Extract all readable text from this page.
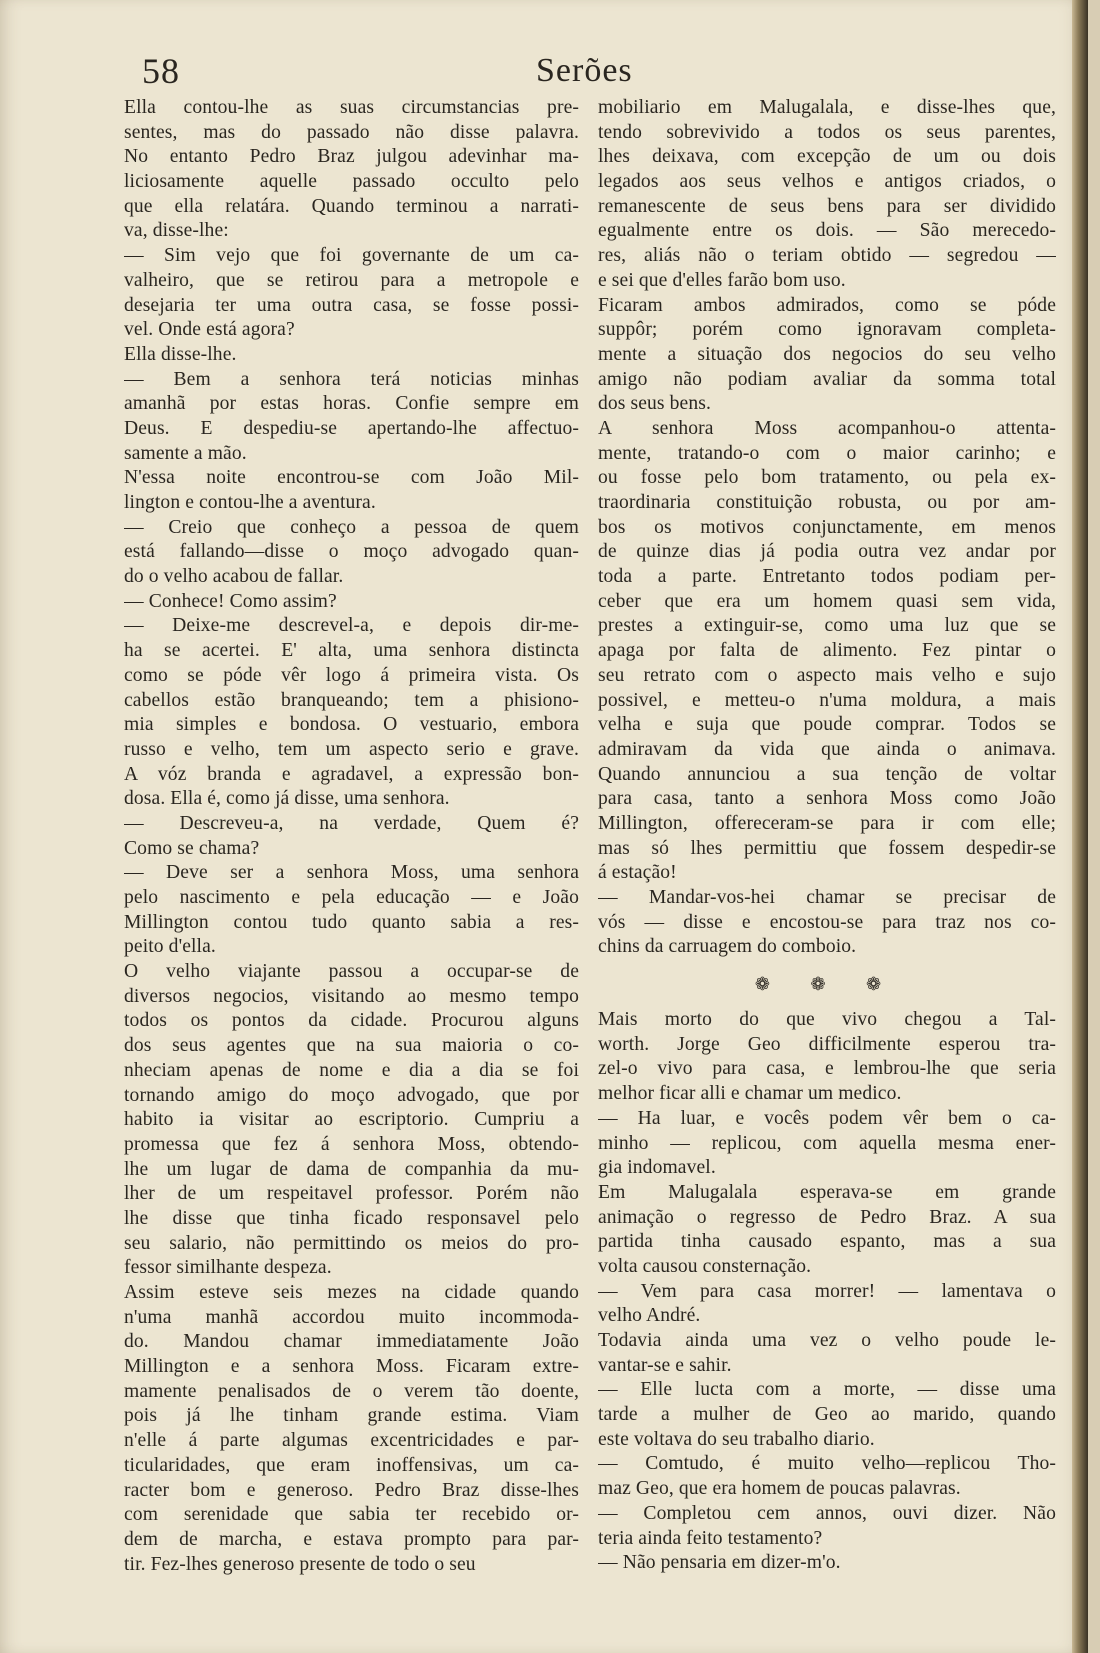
58	Serões
Ella contou-lhe as suas circumstancias pre-
sentes, mas do passado não disse palavra.
No entanto Pedro Braz julgou adevinhar ma-
liciosamente aquelle passado occulto pelo
que ella relatára. Quando terminou a narrati-
va, disse-lhe:
— Sim vejo que foi governante de um ca-
valheiro, que se retirou para a metropole e
desejaria ter uma outra casa, se fosse possi-
vel. Onde está agora?
Ella disse-lhe.
— Bem a senhora terá noticias minhas
amanhã por estas horas. Confie sempre em
Deus. E despediu-se apertando-lhe affectuo-
samente a mão.
N'essa noite encontrou-se com João Mil-
lington e contou-lhe a aventura.
— Creio que conheço a pessoa de quem
está fallando—disse o moço advogado quan-
do o velho acabou de fallar.
— Conhece! Como assim?
— Deixe-me descrevel-a, e depois dir-me-
ha se acertei. E' alta, uma senhora distincta
como se póde vêr logo á primeira vista. Os
cabellos estão branqueando; tem a phisiono-
mia simples e bondosa. O vestuario, embora
russo e velho, tem um aspecto serio e grave.
A vóz branda e agradavel, a expressão bon-
dosa. Ella é, como já disse, uma senhora.
— Descreveu-a, na verdade, Quem é?
Como se chama?
— Deve ser a senhora Moss, uma senhora
pelo nascimento e pela educação — e João
Millington contou tudo quanto sabia a res-
peito d'ella.
O velho viajante passou a occupar-se de
diversos negocios, visitando ao mesmo tempo
todos os pontos da cidade. Procurou alguns
dos seus agentes que na sua maioria o co-
nheciam apenas de nome e dia a dia se foi
tornando amigo do moço advogado, que por
habito ia visitar ao escriptorio. Cumpriu a
promessa que fez á senhora Moss, obtendo-
lhe um lugar de dama de companhia da mu-
lher de um respeitavel professor. Porém não
lhe disse que tinha ficado responsavel pelo
seu salario, não permittindo os meios do pro-
fessor similhante despeza.
Assim esteve seis mezes na cidade quando
n'uma manhã accordou muito incommoda-
do. Mandou chamar immediatamente João
Millington e a senhora Moss. Ficaram extre-
mamente penalisados de o verem tão doente,
pois já lhe tinham grande estima. Viam
n'elle á parte algumas excentricidades e par-
ticularidades, que eram inoffensivas, um ca-
racter bom e generoso. Pedro Braz disse-lhes
com serenidade que sabia ter recebido or-
dem de marcha, e estava prompto para par-
tir. Fez-lhes generoso presente de todo o seu
mobiliario em Malugalala, e disse-lhes que,
tendo sobrevivido a todos os seus parentes,
lhes deixava, com excepção de um ou dois
legados aos seus velhos e antigos criados, o
remanescente de seus bens para ser dividido
egualmente entre os dois. — São merecedo-
res, aliás não o teriam obtido — segredou —
e sei que d'elles farão bom uso.
Ficaram ambos admirados, como se póde
suppôr; porém como ignoravam completa-
mente a situação dos negocios do seu velho
amigo não podiam avaliar da somma total
dos seus bens.
A senhora Moss acompanhou-o attenta-
mente, tratando-o com o maior carinho; e
ou fosse pelo bom tratamento, ou pela ex-
traordinaria constituição robusta, ou por am-
bos os motivos conjunctamente, em menos
de quinze dias já podia outra vez andar por
toda a parte. Entretanto todos podiam per-
ceber que era um homem quasi sem vida,
prestes a extinguir-se, como uma luz que se
apaga por falta de alimento. Fez pintar o
seu retrato com o aspecto mais velho e sujo
possivel, e metteu-o n'uma moldura, a mais
velha e suja que poude comprar. Todos se
admiravam da vida que ainda o animava.
Quando annunciou a sua tenção de voltar
para casa, tanto a senhora Moss como João
Millington, offereceram-se para ir com elle;
mas só lhes permittiu que fossem despedir-se
á estação!
— Mandar-vos-hei chamar se precisar de
vós — disse e encostou-se para traz nos co-
chins da carruagem do comboio.
❁ ❁ ❁
Mais morto do que vivo chegou a Tal-
worth. Jorge Geo difficilmente esperou tra-
zel-o vivo para casa, e lembrou-lhe que seria
melhor ficar alli e chamar um medico.
— Ha luar, e vocês podem vêr bem o ca-
minho — replicou, com aquella mesma ener-
gia indomavel.
Em Malugalala esperava-se em grande
animação o regresso de Pedro Braz. A sua
partida tinha causado espanto, mas a sua
volta causou consternação.
— Vem para casa morrer! — lamentava o
velho André.
Todavia ainda uma vez o velho poude le-
vantar-se e sahir.
— Elle lucta com a morte, — disse uma
tarde a mulher de Geo ao marido, quando
este voltava do seu trabalho diario.
— Comtudo, é muito velho—replicou Tho-
maz Geo, que era homem de poucas palavras.
— Completou cem annos, ouvi dizer. Não
teria ainda feito testamento?
— Não pensaria em dizer-m'o.
